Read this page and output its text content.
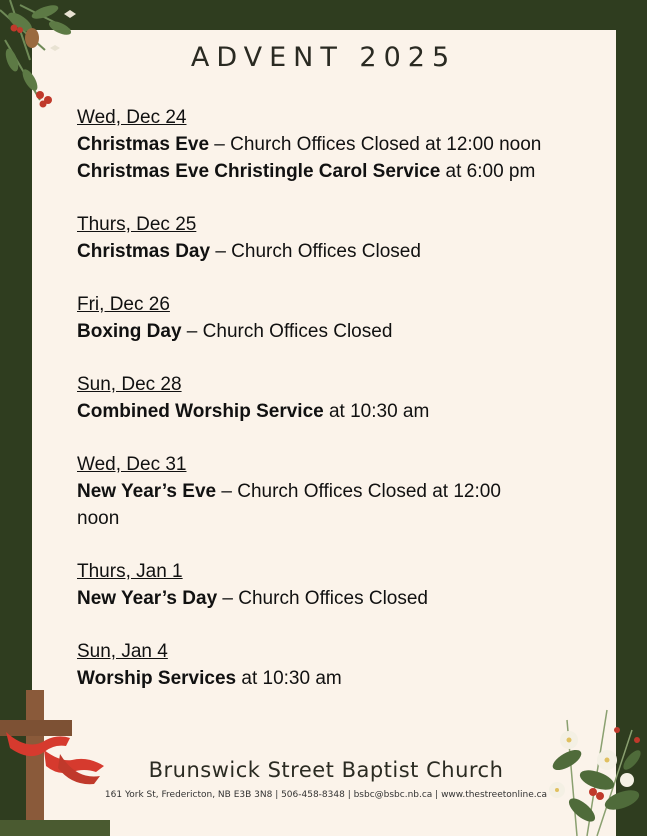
ADVENT 2025

Wed, Dec 24

Christmas Eve – Church Offices Closed at 12:00 noon

Christmas Eve Christingle Carol Service at 6:00 pm

Thurs, Dec 25

Christmas Day – Church Offices Closed

Fri, Dec 26

Boxing Day – Church Offices Closed

Sun, Dec 28

Combined Worship Service at 10:30 am

Wed, Dec 31

New Year’s Eve – Church Offices Closed at 12:00 noon

Thurs, Jan 1

New Year’s Day – Church Offices Closed

Sun, Jan 4

Worship Services at 10:30 am

Brunswick Street Baptist Church
161 York St, Fredericton, NB E3B 3N8 | 506-458-8348 | bsbc@bsbc.nb.ca | www.thestreetonline.ca
